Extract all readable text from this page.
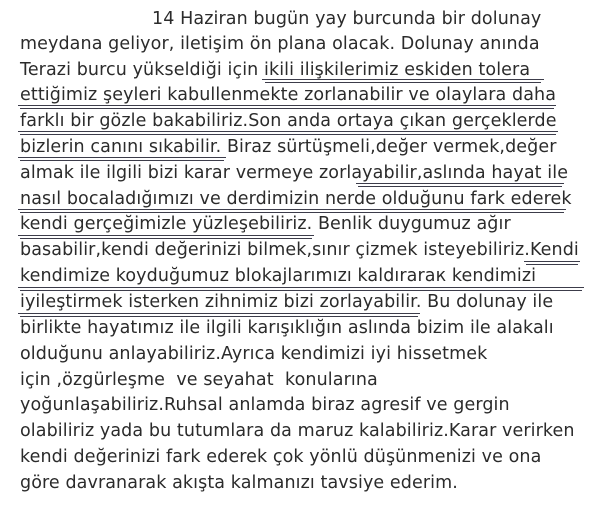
14 Haziran bugün yay burcunda bir dolunay
meydana geliyor, iletişim ön plana olacak. Dolunay anında
Terazi burcu yükseldiği için ikili ilişkilerimiz eskiden tolera
ettiğimiz şeyleri kabullenmekte zorlanabilir ve olaylara daha
farklı bir gözle bakabiliriz.Son anda ortaya çıkan gerçeklerde
bizlerin canını sıkabilir. Biraz sürtüşmeli,değer vermek,değer
almak ile ilgili bizi karar vermeye zorlayabilir,aslında hayat ile
nasıl bocaladığımızı ve derdimizin nerde olduğunu fark ederek
kendi gerçeğimizle yüzleşebiliriz. Benlik duygumuz ağır
basabilir,kendi değerinizi bilmek,sınır çizmek isteyebiliriz.Kendi
kendimize koyduğumuz blokajlarımızı kaldıraraк kendimizi
iyileştirmek isterken zihnimiz bizi zorlayabilir. Bu dolunay ile
birlikte hayatımız ile ilgili karışıklığın aslında bizim ile alakalı
olduğunu anlayabiliriz.Ayrıca kendimizi iyi hissetmek
için ,özgürleşme  ve seyahat  konularına
yoğunlaşabiliriz.Ruhsal anlamda biraz agresif ve gergin
olabiliriz yada bu tutumlara da maruz kalabiliriz.Karar verirken
kendi değerinizi fark ederek çok yönlü düşünmenizi ve ona
göre davranarak akışta kalmanızı tavsiye ederim.
